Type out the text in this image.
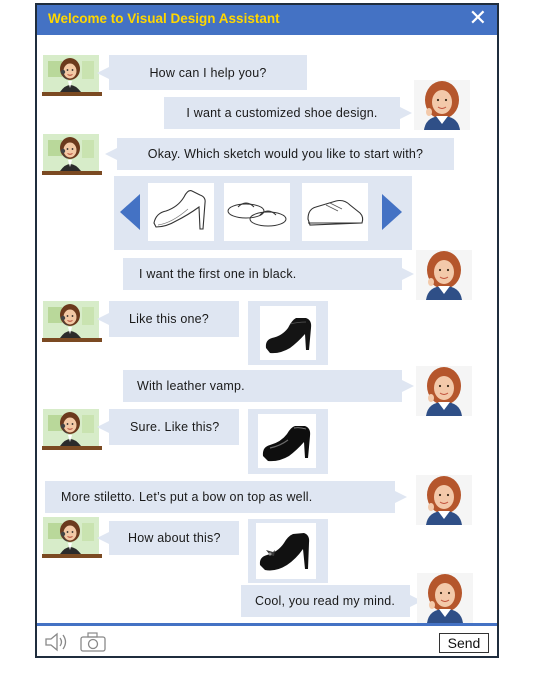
Welcome to Visual Design Assistant	✕
How can I help you?
I want a customized shoe design.
Okay. Which sketch would you like to start with?
I want the first one in black.
Like this one?
With leather vamp.
Sure. Like this?
More stiletto. Let’s put a bow on top as well.
How about this?
Cool, you read my mind.
Send
